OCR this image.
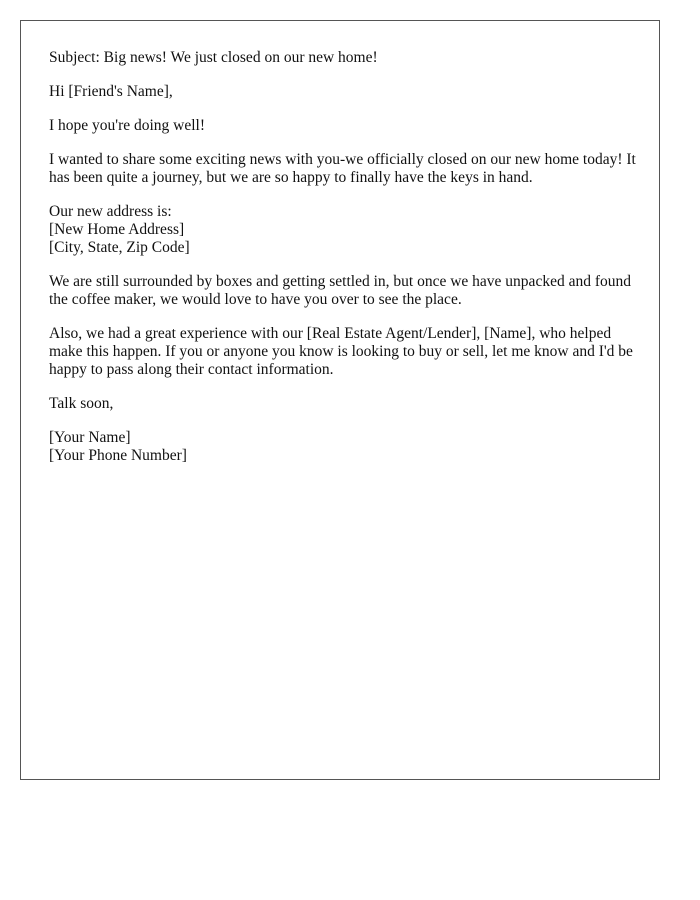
Subject: Big news! We just closed on our new home!

Hi [Friend's Name],

I hope you're doing well!

I wanted to share some exciting news with you-we officially closed on our new home today! It has been quite a journey, but we are so happy to finally have the keys in hand.

Our new address is:
[New Home Address]
[City, State, Zip Code]

We are still surrounded by boxes and getting settled in, but once we have unpacked and found the coffee maker, we would love to have you over to see the place.

Also, we had a great experience with our [Real Estate Agent/Lender], [Name], who helped make this happen. If you or anyone you know is looking to buy or sell, let me know and I'd be happy to pass along their contact information.

Talk soon,

[Your Name]
[Your Phone Number]
